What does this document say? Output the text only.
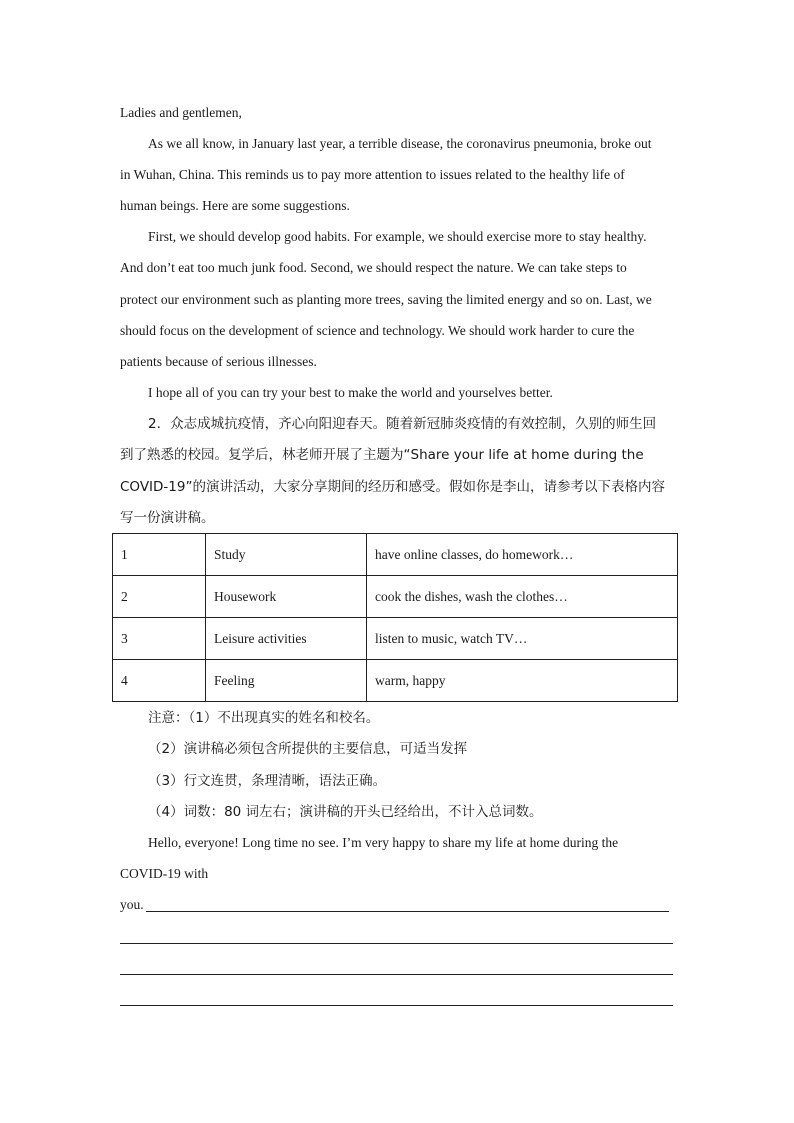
Ladies and gentlemen,
As we all know, in January last year, a terrible disease, the coronavirus pneumonia, broke out
in Wuhan, China. This reminds us to pay more attention to issues related to the healthy life of
human beings. Here are some suggestions.
First, we should develop good habits. For example, we should exercise more to stay healthy.
And don’t eat too much junk food. Second, we should respect the nature. We can take steps to
protect our environment such as planting more trees, saving the limited energy and so on. Last, we
should focus on the development of science and technology. We should work harder to cure the
patients because of serious illnesses.
I hope all of you can try your best to make the world and yourselves better.
2．众志成城抗疫情，齐心向阳迎春天。随着新冠肺炎疫情的有效控制，久别的师生回
到了熟悉的校园。复学后，林老师开展了主题为“Share your life at home during the
COVID-19”的演讲活动，大家分享期间的经历和感受。假如你是李山，请参考以下表格内容
写一份演讲稿。
1	Study	have online classes, do homework…
2	Housework	cook the dishes, wash the clothes…
3	Leisure activities	listen to music, watch TV…
4	Feeling	warm, happy
注意：（1）不出现真实的姓名和校名。
（2）演讲稿必须包含所提供的主要信息，可适当发挥
（3）行文连贯，条理清晰，语法正确。
（4）词数：80 词左右；演讲稿的开头已经给出，不计入总词数。
Hello, everyone! Long time no see. I’m very happy to share my life at home during the
COVID-19 with
you.
